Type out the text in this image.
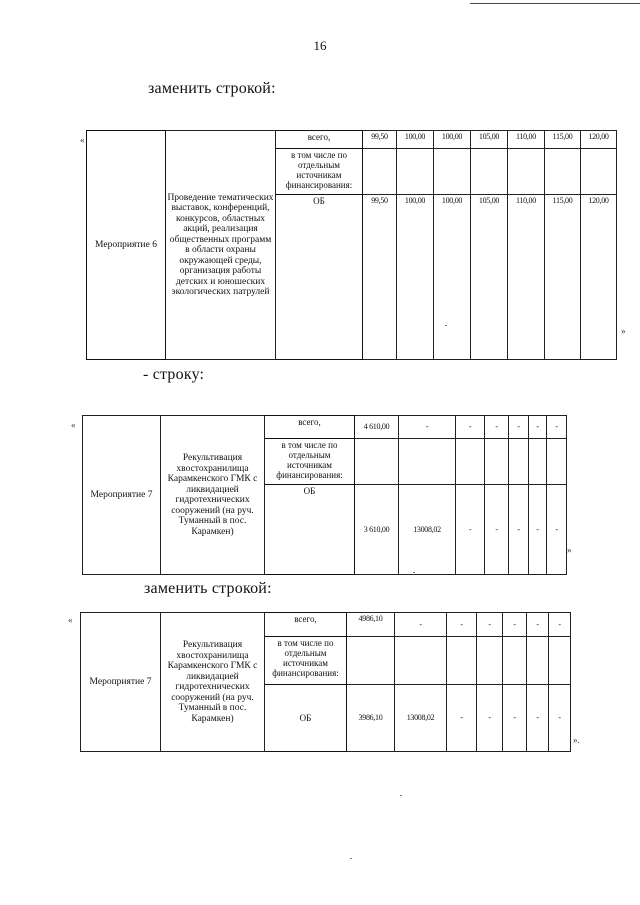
16
заменить строкой:
«
Мероприятие 6	Проведение тематических выставок, конференций, конкурсов, областных акций, реализация общественных программ в области охраны окружающей среды, организация работы детских и юношеских экологических патрулей	всего,	99,50	100,00	100,00	105,00	110,00	115,00	120,00
		в том числе по отдельным источникам финансирования:							
		ОБ	99,50	100,00	100,00	105,00	110,00	115,00	120,00
»
- строку:
«
Мероприятие 7	Рекультивация хвостохранилища Карамкенского ГМК с ликвидацией гидротехнических сооружений (на руч. Туманный в пос. Карамкен)	всего,	4 610,00	-	-	-	-	-	-
		в том числе по отдельным источникам финансирования:							
		ОБ	3 610,00	13008,02	-	-	-	-	-
»
заменить строкой:
«
Мероприятие 7	Рекультивация хвостохранилища Карамкенского ГМК с ликвидацией гидротехнических сооружений (на руч. Туманный в пос. Карамкен)	всего,	4986,10	-	-	-	-	-	-
		в том числе по отдельным источникам финансирования:							
		ОБ	3986,10	13008,02	-	-	-	-	-
».
